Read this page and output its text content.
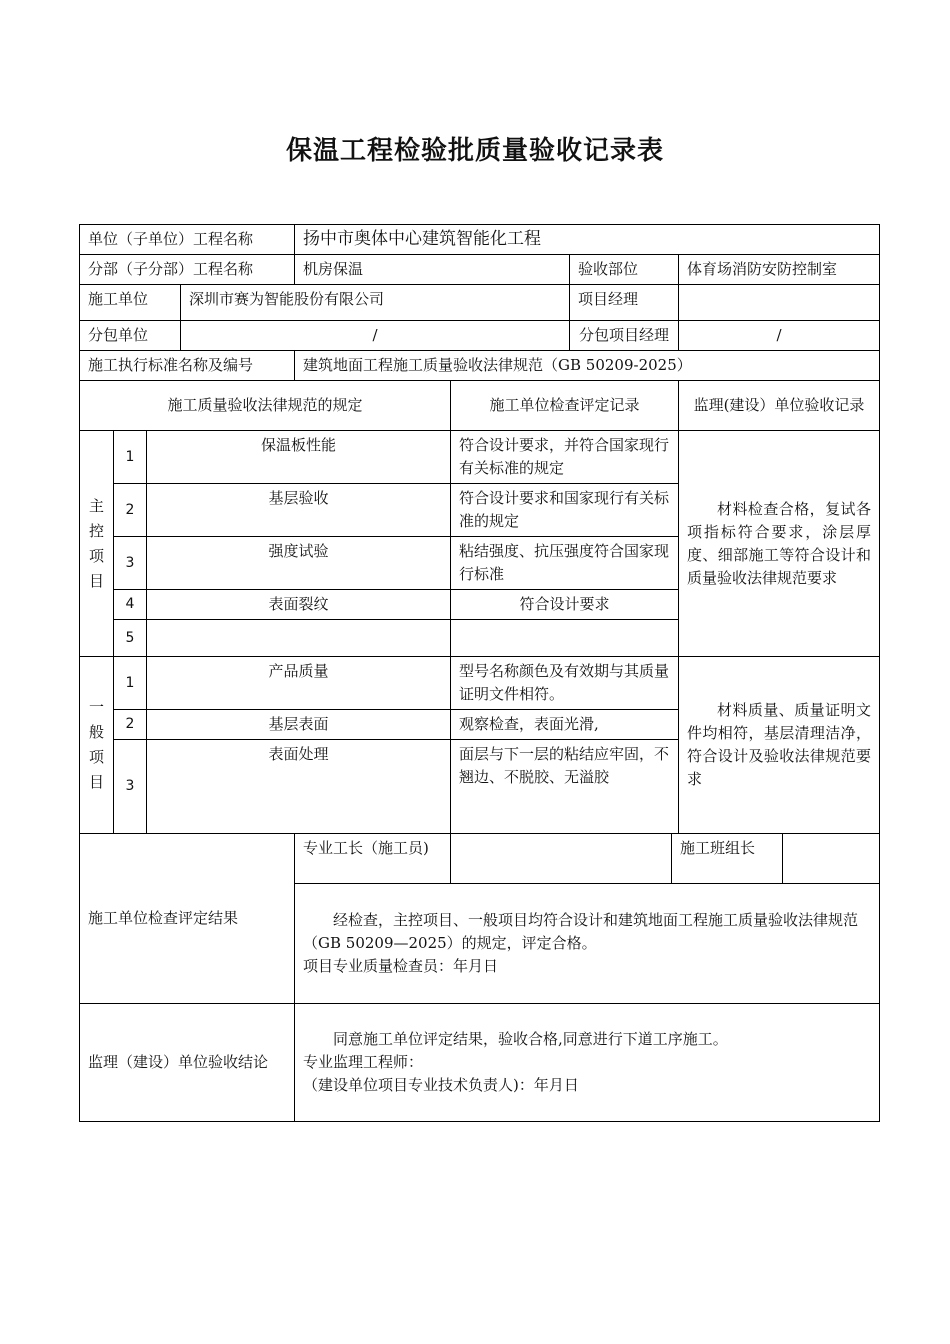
保温工程检验批质量验收记录表
单位（子单位）工程名称				扬中市奥体中心建筑智能化工程					
分部（子分部）工程名称				机房保温		验收部位		体育场消防安防控制室	
施工单位			深圳市赛为智能股份有限公司			项目经理			
分包单位			/			分包项目经理		/	
施工执行标准名称及编号				建筑地面工程施工质量验收法律规范（GB 50209-2025）					
施工质量验收法律规范的规定					施工单位检查评定记录			监理(建设）单位验收记录	

主
控
项
目	1	保温板性能			符合设计要求，并符合国家现行有关标准的规定			材料检查合格，复试各项指标符合要求，涂层厚度、细部施工等符合设计和质量验收法律规范要求	

	2	基层验收			符合设计要求和国家现行有关标准的规定				
	3	强度试验			粘结强度、抗压强度符合国家现行标准				
	4	表面裂纹			符合设计要求				
	5								

一
般
项
目	1	产品质量			型号名称颜色及有效期与其质量证明文件相符。			材料质量、质量证明文件均相符，基层清理洁净，符合设计及验收法律规范要求	

	2	基层表面			观察检查，表面光滑,				
	3	表面处理			面层与下一层的粘结应牢固，不翘边、不脱胶、无溢胶				
施工单位检查评定结果				专业工长（施工员)			施工班组长		

				经检查，主控项目、一般项目均符合设计和建筑地面工程施工质量验收法律规范（GB 50209—2025）的规定，评定合格。

项目专业质量检查员：年月日					

监理（建设）单位验收结论				同意施工单位评定结果，验收合格,同意进行下道工序施工。

专业监理工程师：

（建设单位项目专业技术负责人)：年月日					
